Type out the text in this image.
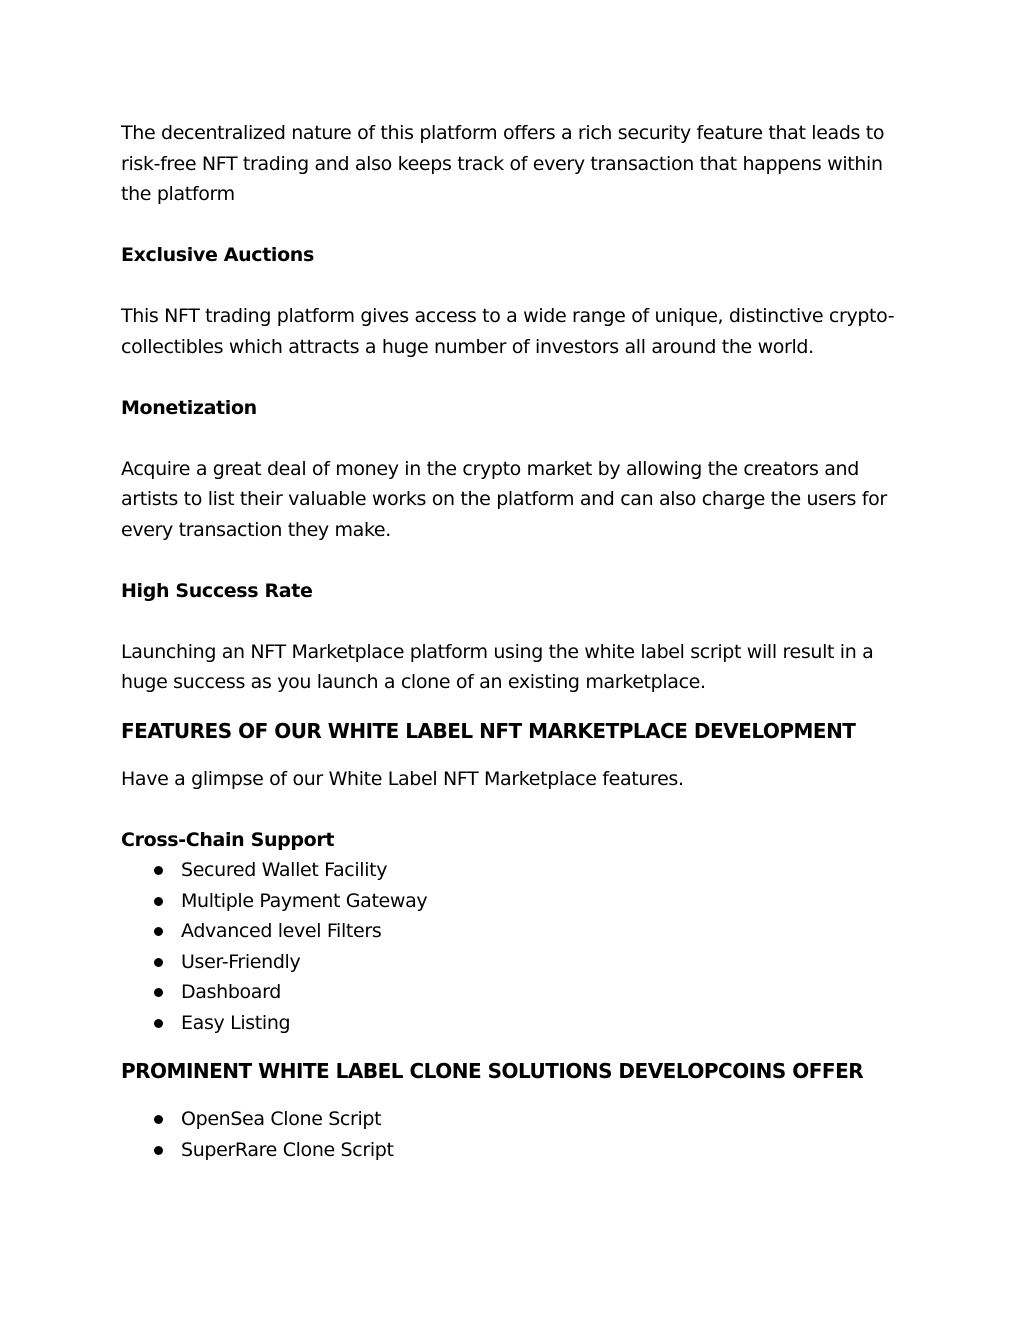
The decentralized nature of this platform offers a rich security feature that leads to risk-free NFT trading and also keeps track of every transaction that happens within the platform

Exclusive Auctions

This NFT trading platform gives access to a wide range of unique, distinctive crypto-collectibles which attracts a huge number of investors all around the world.

Monetization

Acquire a great deal of money in the crypto market by allowing the creators and artists to list their valuable works on the platform and can also charge the users for every transaction they make.

High Success Rate

Launching an NFT Marketplace platform using the white label script will result in a huge success as you launch a clone of an existing marketplace.

FEATURES OF OUR WHITE LABEL NFT MARKETPLACE DEVELOPMENT

Have a glimpse of our White Label NFT Marketplace features.

Cross-Chain Support

Secured Wallet Facility
Multiple Payment Gateway
Advanced level Filters
User-Friendly
Dashboard
Easy Listing
PROMINENT WHITE LABEL CLONE SOLUTIONS DEVELOPCOINS OFFER
OpenSea Clone Script
SuperRare Clone Script
